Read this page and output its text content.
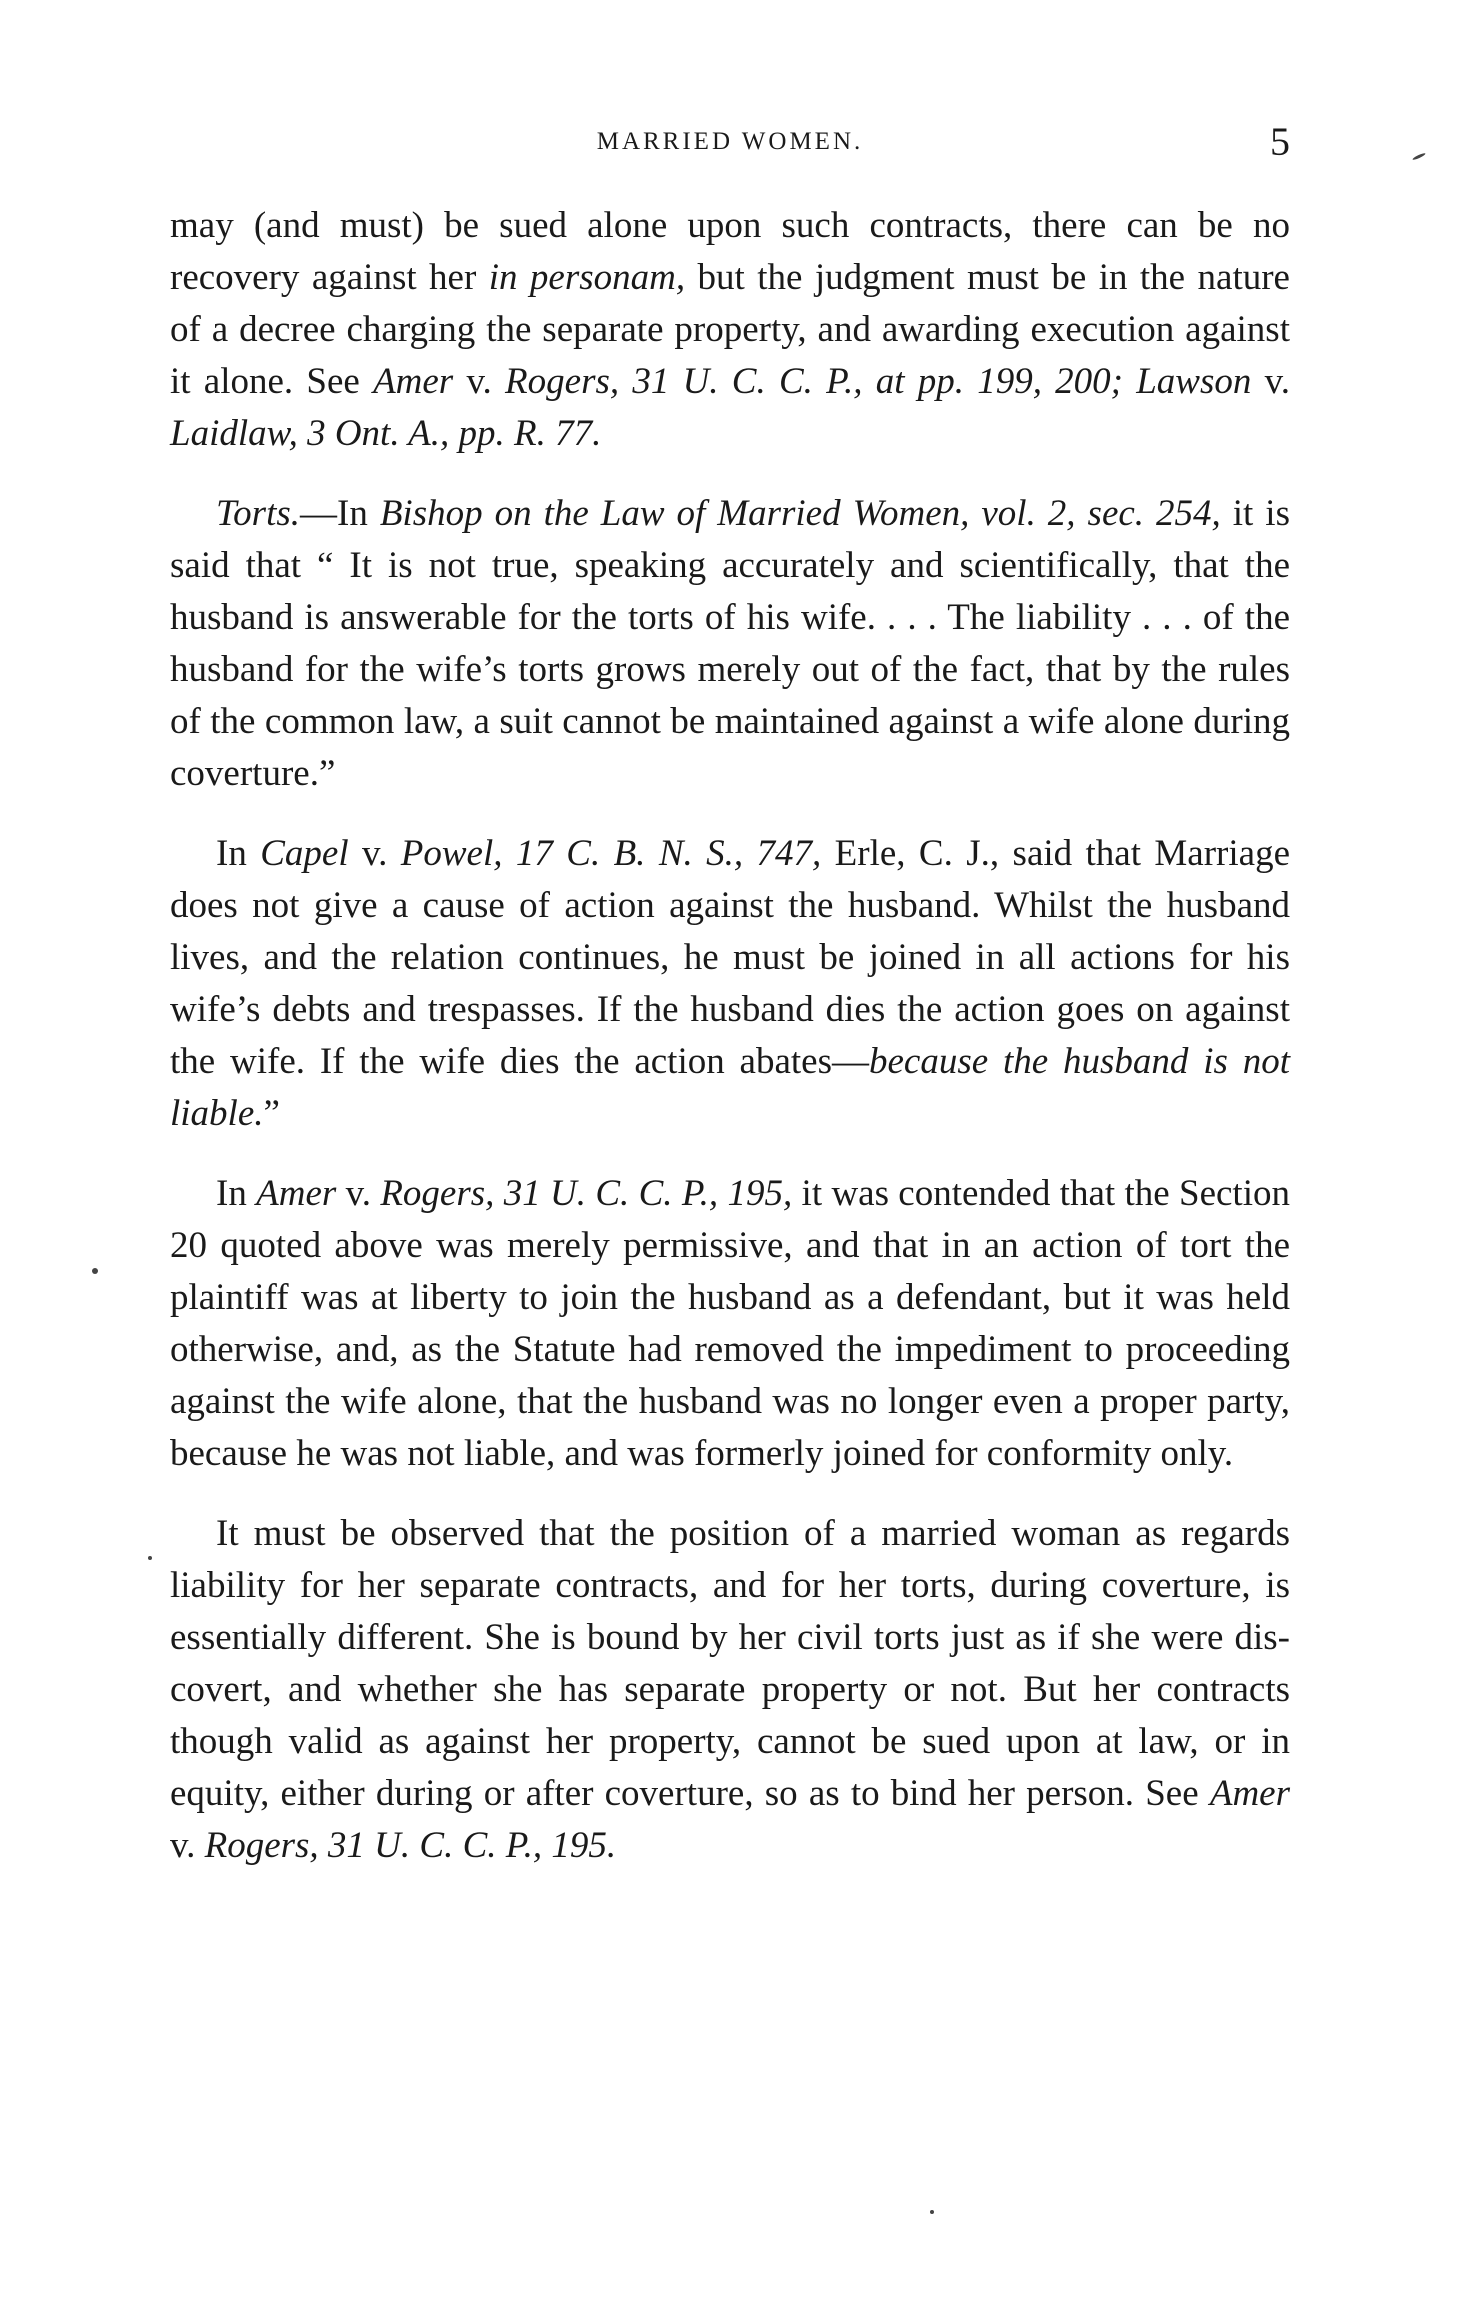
MARRIED WOMEN.	5

may (and must) be sued alone upon such contracts, there can be no recovery against her in personam, but the judgment must be in the nature of a decree charging the separate property, and awarding execution against it alone. See Amer v. Rogers, 31 U. C. C. P., at pp. 199, 200; Lawson v. Laidlaw, 3 Ont. A., pp. R. 77.

Torts.—In Bishop on the Law of Married Women, vol. 2, sec. 254, it is said that “ It is not true, speaking accurately and scientifically, that the husband is answerable for the torts of his wife. . . . The liability . . . of the husband for the wife’s torts grows merely out of the fact, that by the rules of the common law, a suit cannot be maintained against a wife alone during coverture.”

In Capel v. Powel, 17 C. B. N. S., 747, Erle, C. J., said that Marriage does not give a cause of action against the husband. Whilst the husband lives, and the relation continues, he must be joined in all actions for his wife’s debts and trespasses. If the husband dies the action goes on against the wife. If the wife dies the action abates—because the husband is not liable.”

In Amer v. Rogers, 31 U. C. C. P., 195, it was contended that the Section 20 quoted above was merely permissive, and that in an action of tort the plaintiff was at liberty to join the husband as a defendant, but it was held otherwise, and, as the Statute had removed the impediment to proceeding against the wife alone, that the husband was no longer even a proper party, because he was not liable, and was formerly joined for conformity only.

It must be observed that the position of a married woman as regards liability for her separate contracts, and for her torts, during coverture, is essentially different. She is bound by her civil torts just as if she were dis-covert, and whether she has separate property or not. But her contracts though valid as against her property, cannot be sued upon at law, or in equity, either during or after coverture, so as to bind her person. See Amer v. Rogers, 31 U. C. C. P., 195.
